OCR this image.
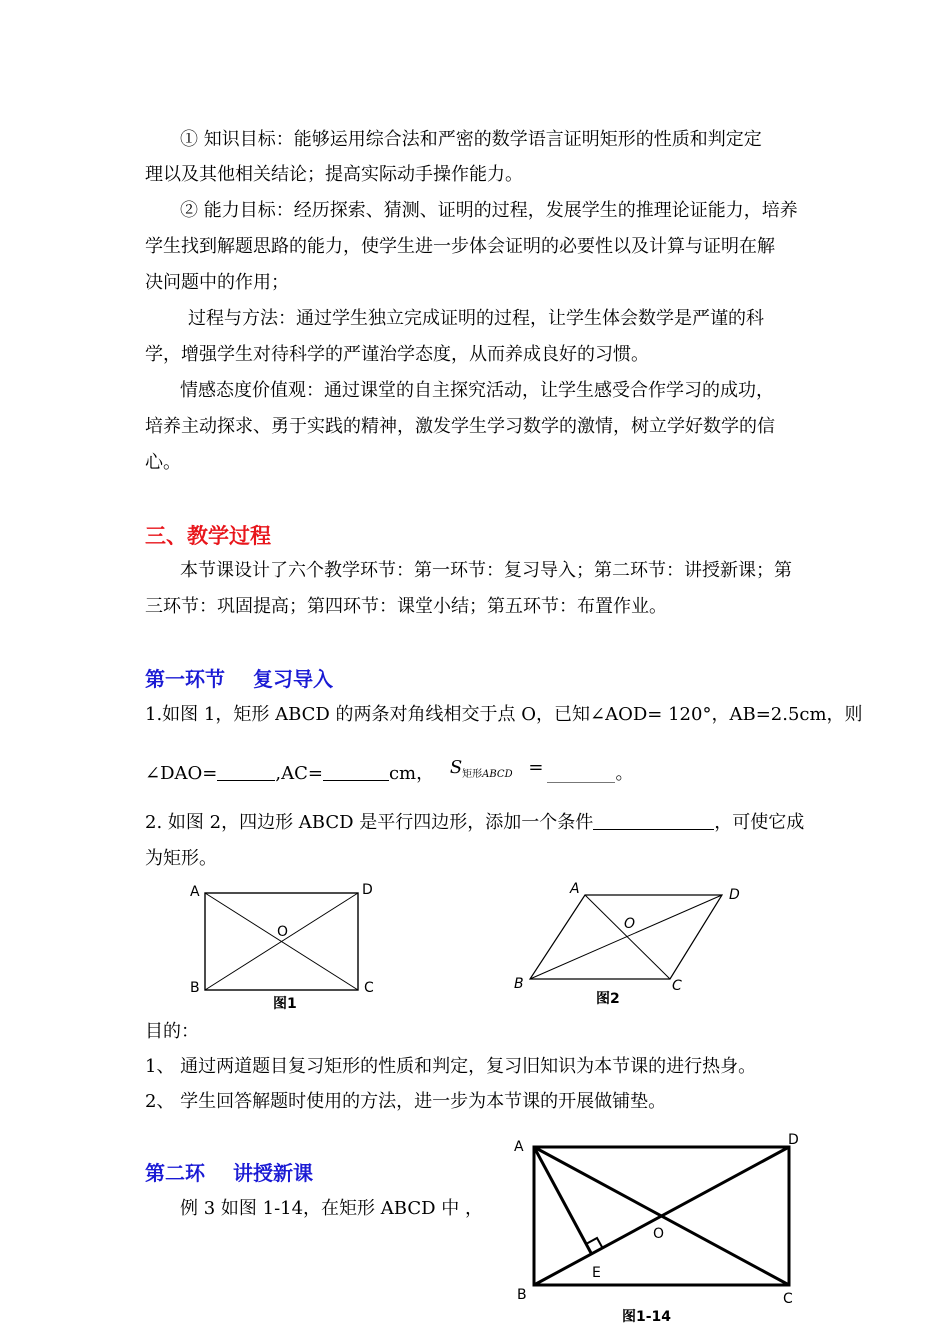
① 知识目标：能够运用综合法和严密的数学语言证明矩形的性质和判定定
理以及其他相关结论；提高实际动手操作能力。
② 能力目标：经历探索、猜测、证明的过程，发展学生的推理论证能力，培养
学生找到解题思路的能力，使学生进一步体会证明的必要性以及计算与证明在解
决问题中的作用；
过程与方法：通过学生独立完成证明的过程，让学生体会数学是严谨的科
学，增强学生对待科学的严谨治学态度，从而养成良好的习惯。
情感态度价值观：通过课堂的自主探究活动，让学生感受合作学习的成功，
培养主动探求、勇于实践的精神，激发学生学习数学的激情，树立学好数学的信
心。
三、教学过程
本节课设计了六个教学环节：第一环节：复习导入；第二环节：讲授新课；第
三环节：巩固提高；第四环节：课堂小结；第五环节：布置作业。
第一环节 复习导入
1.如图 1，矩形 ABCD 的两条对角线相交于点 O，已知∠AOD= 120°，AB=2.5cm，则
∠DAO=	,AC=	cm， $S_{矩形ABCD}$ =	。
2. 如图 2，四边形 ABCD 是平行四边形，添加一个条件	，可使它成
为矩形。
A	D
B	C
O
图1
A	D
B	C
O
图2
目的：
1、 通过两道题目复习矩形的性质和判定，复习旧知识为本节课的进行热身。
2、 学生回答解题时使用的方法，进一步为本节课的开展做铺垫。
第二环 讲授新课
例 3 如图 1-14，在矩形 ABCD 中 ，
A	D
B	C
O
E
图1-14
